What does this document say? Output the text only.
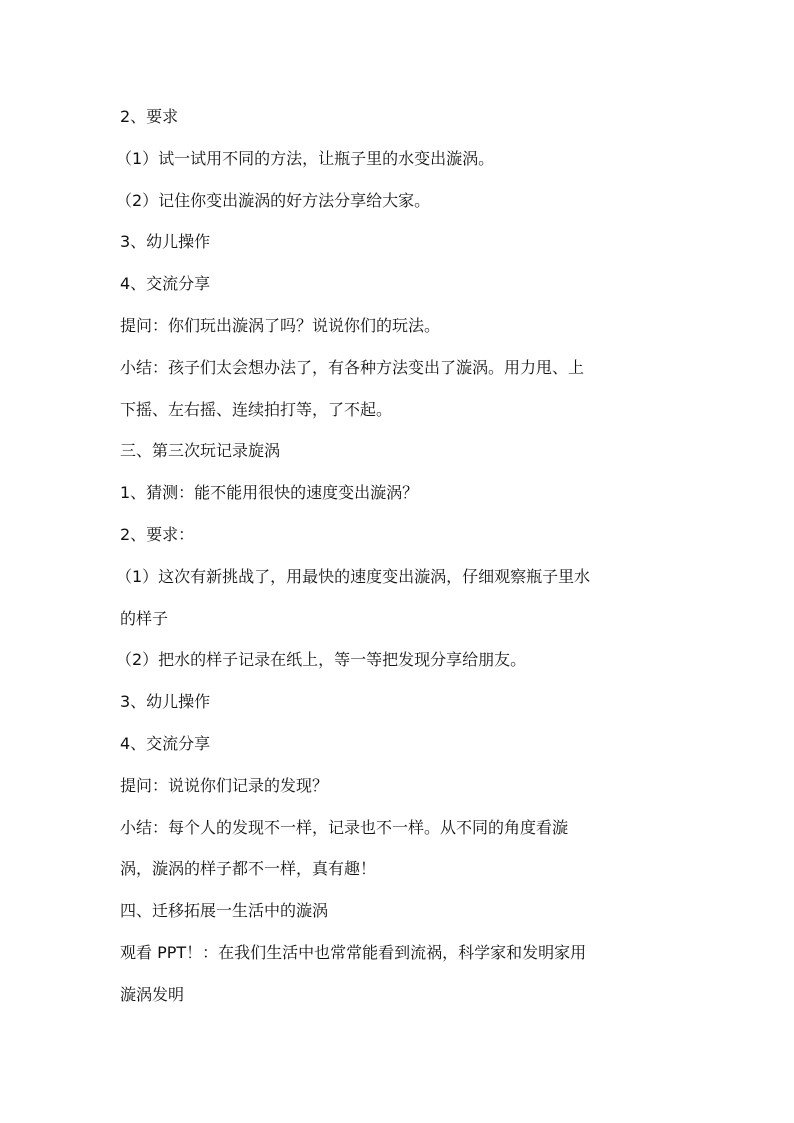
2、要求
（1）试一试用不同的方法，让瓶子里的水变出漩涡。
（2）记住你变出漩涡的好方法分享给大家。
3、幼儿操作
4、交流分享
提问：你们玩出漩涡了吗？说说你们的玩法。
小结：孩子们太会想办法了，有各种方法变出了漩涡。用力甩、上
下摇、左右摇、连续拍打等，了不起。
三、第三次玩记录旋涡
1、猜测：能不能用很快的速度变出漩涡？
2、要求：
（1）这次有新挑战了，用最快的速度变出漩涡，仔细观察瓶子里水
的样子
（2）把水的样子记录在纸上，等一等把发现分享给朋友。
3、幼儿操作
4、交流分享
提问：说说你们记录的发现？
小结：每个人的发现不一样，记录也不一样。从不同的角度看漩
涡，漩涡的样子都不一样，真有趣！
四、迁移拓展一生活中的漩涡
观看 PPT！：在我们生活中也常常能看到流祸，科学家和发明家用
漩涡发明
